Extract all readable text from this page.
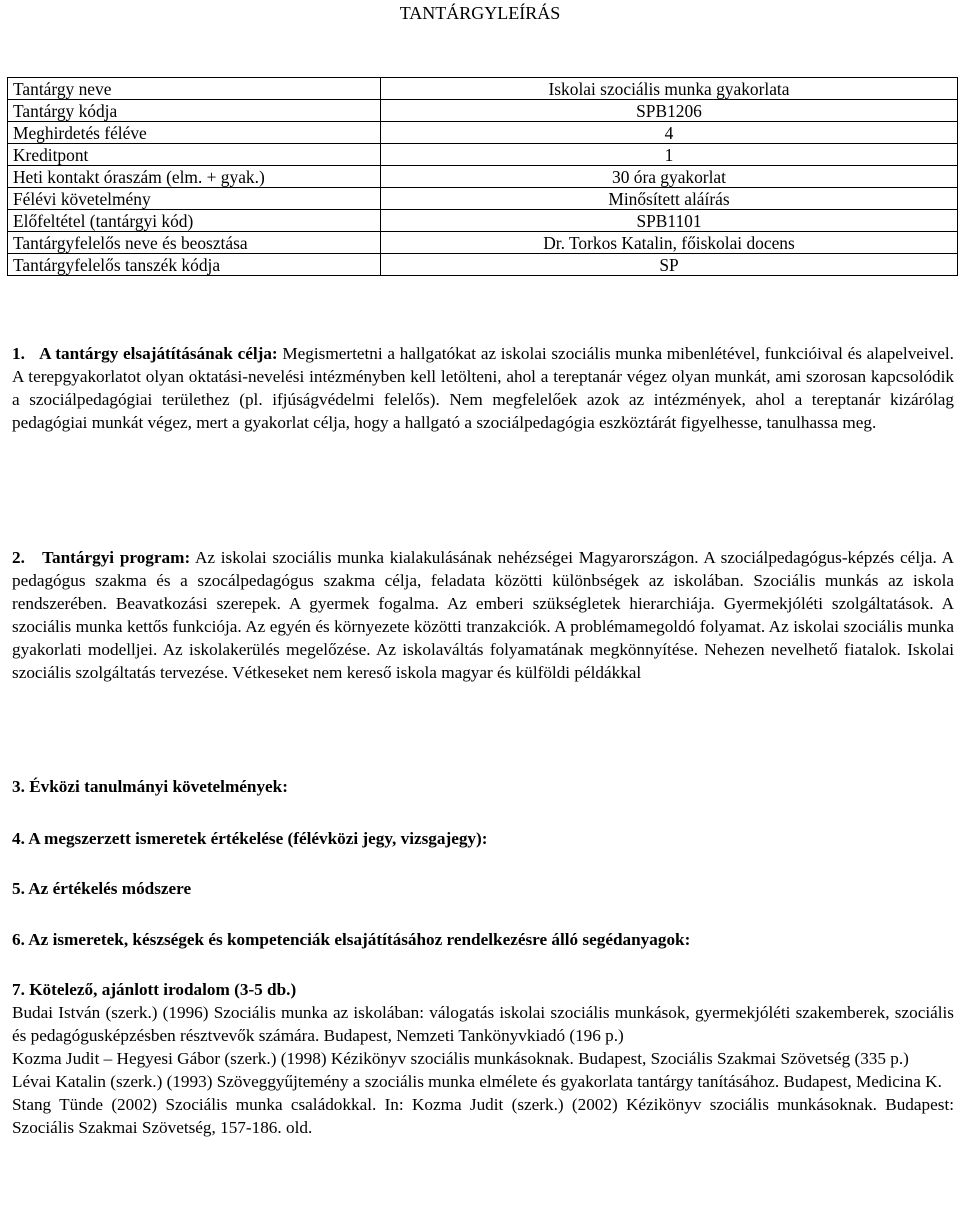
TANTÁRGYLEÍRÁS
Tantárgy neve	Iskolai szociális munka gyakorlata
Tantárgy kódja	SPB1206
Meghirdetés féléve	4
Kreditpont	1
Heti kontakt óraszám (elm. + gyak.)	30 óra gyakorlat
Félévi követelmény	Minősített aláírás
Előfeltétel (tantárgyi kód)	SPB1101
Tantárgyfelelős neve és beosztása	Dr. Torkos Katalin, főiskolai docens
Tantárgyfelelős tanszék kódja	SP
1. A tantárgy elsajátításának célja: Megismertetni a hallgatókat az iskolai szociális munka mibenlétével, funkcióival és alapelveivel. A terepgyakorlatot olyan oktatási-nevelési intézményben kell letölteni, ahol a tereptanár végez olyan munkát, ami szorosan kapcsolódik a szociálpedagógiai területhez (pl. ifjúságvédelmi felelős). Nem megfelelőek azok az intézmények, ahol a tereptanár kizárólag pedagógiai munkát végez, mert a gyakorlat célja, hogy a hallgató a szociálpedagógia eszköztárát figyelhesse, tanulhassa meg.
2. Tantárgyi program: Az iskolai szociális munka kialakulásának nehézségei Magyarországon. A szociálpedagógus-képzés célja. A pedagógus szakma és a szocálpedagógus szakma célja, feladata közötti különbségek az iskolában. Szociális munkás az iskola rendszerében. Beavatkozási szerepek. A gyermek fogalma. Az emberi szükségletek hierarchiája. Gyermekjóléti szolgáltatások. A szociális munka kettős funkciója. Az egyén és környezete közötti tranzakciók. A problémamegoldó folyamat. Az iskolai szociális munka gyakorlati modelljei. Az iskolakerülés megelőzése. Az iskolaváltás folyamatának megkönnyítése. Nehezen nevelhető fiatalok. Iskolai szociális szolgáltatás tervezése. Vétkeseket nem kereső iskola magyar és külföldi példákkal
3. Évközi tanulmányi követelmények:
4. A megszerzett ismeretek értékelése (félévközi jegy, vizsgajegy):
5. Az értékelés módszere
6. Az ismeretek, készségek és kompetenciák elsajátításához rendelkezésre álló segédanyagok:
7. Kötelező, ajánlott irodalom (3-5 db.)

Budai István (szerk.) (1996) Szociális munka az iskolában: válogatás iskolai szociális munkások, gyermekjóléti szakemberek, szociális és pedagógusképzésben résztvevők számára. Budapest, Nemzeti Tankönyvkiadó (196 p.)

Kozma Judit – Hegyesi Gábor (szerk.) (1998) Kézikönyv szociális munkásoknak. Budapest, Szociális Szakmai Szövetség (335 p.)

Lévai Katalin (szerk.) (1993) Szöveggyűjtemény a szociális munka elmélete és gyakorlata tantárgy tanításához. Budapest, Medicina K.

Stang Tünde (2002) Szociális munka családokkal. In: Kozma Judit (szerk.) (2002) Kézikönyv szociális munkásoknak. Budapest: Szociális Szakmai Szövetség, 157-186. old.
